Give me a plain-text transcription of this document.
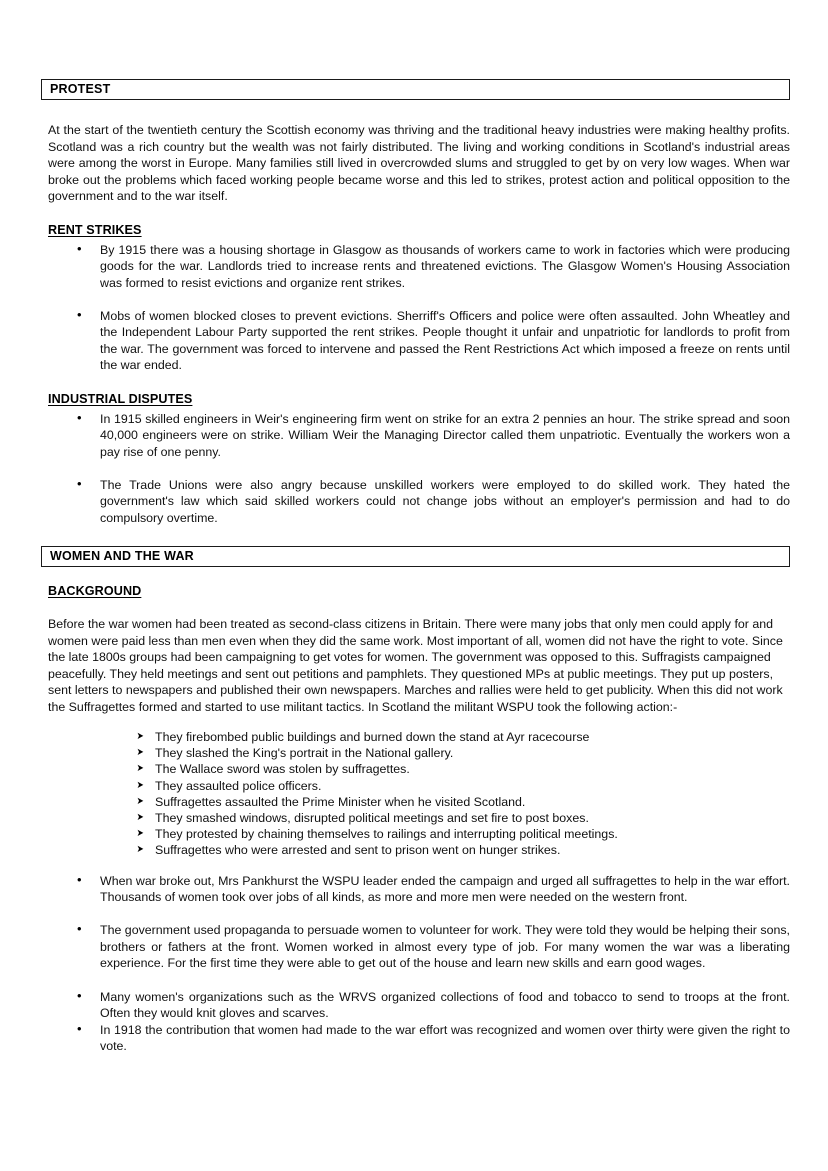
PROTEST

At the start of the twentieth century the Scottish economy was thriving and the traditional heavy industries were making healthy profits. Scotland was a rich country but the wealth was not fairly distributed. The living and working conditions in Scotland's industrial areas were among the worst in Europe. Many families still lived in overcrowded slums and struggled to get by on very low wages. When war broke out the problems which faced working people became worse and this led to strikes, protest action and political opposition to the government and to the war itself.

RENT STRIKES
• By 1915 there was a housing shortage in Glasgow as thousands of workers came to work in factories which were producing goods for the war. Landlords tried to increase rents and threatened evictions. The Glasgow Women's Housing Association was formed to resist evictions and organize rent strikes.
• Mobs of women blocked closes to prevent evictions. Sherriff's Officers and police were often assaulted. John Wheatley and the Independent Labour Party supported the rent strikes. People thought it unfair and unpatriotic for landlords to profit from the war. The government was forced to intervene and passed the Rent Restrictions Act which imposed a freeze on rents until the war ended.
INDUSTRIAL DISPUTES
• In 1915 skilled engineers in Weir's engineering firm went on strike for an extra 2 pennies an hour. The strike spread and soon 40,000 engineers were on strike. William Weir the Managing Director called them unpatriotic. Eventually the workers won a pay rise of one penny.
• The Trade Unions were also angry because unskilled workers were employed to do skilled work. They hated the government's law which said skilled workers could not change jobs without an employer's permission and had to do compulsory overtime.
WOMEN AND THE WAR
BACKGROUND

Before the war women had been treated as second-class citizens in Britain. There were many jobs that only men could apply for and women were paid less than men even when they did the same work. Most important of all, women did not have the right to vote. Since the late 1800s groups had been campaigning to get votes for women. The government was opposed to this. Suffragists campaigned peacefully. They held meetings and sent out petitions and pamphlets. They questioned MPs at public meetings. They put up posters, sent letters to newspapers and published their own newspapers. Marches and rallies were held to get publicity. When this did not work the Suffragettes formed and started to use militant tactics. In Scotland the militant WSPU took the following action:-

➤ They firebombed public buildings and burned down the stand at Ayr racecourse
➤ They slashed the King's portrait in the National gallery.
➤ The Wallace sword was stolen by suffragettes.
➤ They assaulted police officers.
➤ Suffragettes assaulted the Prime Minister when he visited Scotland.
➤ They smashed windows, disrupted political meetings and set fire to post boxes.
➤ They protested by chaining themselves to railings and interrupting political meetings.
➤ Suffragettes who were arrested and sent to prison went on hunger strikes.
• When war broke out, Mrs Pankhurst the WSPU leader ended the campaign and urged all suffragettes to help in the war effort. Thousands of women took over jobs of all kinds, as more and more men were needed on the western front.
• The government used propaganda to persuade women to volunteer for work. They were told they would be helping their sons, brothers or fathers at the front. Women worked in almost every type of job. For many women the war was a liberating experience. For the first time they were able to get out of the house and learn new skills and earn good wages.
• Many women's organizations such as the WRVS organized collections of food and tobacco to send to troops at the front. Often they would knit gloves and scarves.
• In 1918 the contribution that women had made to the war effort was recognized and women over thirty were given the right to vote.
